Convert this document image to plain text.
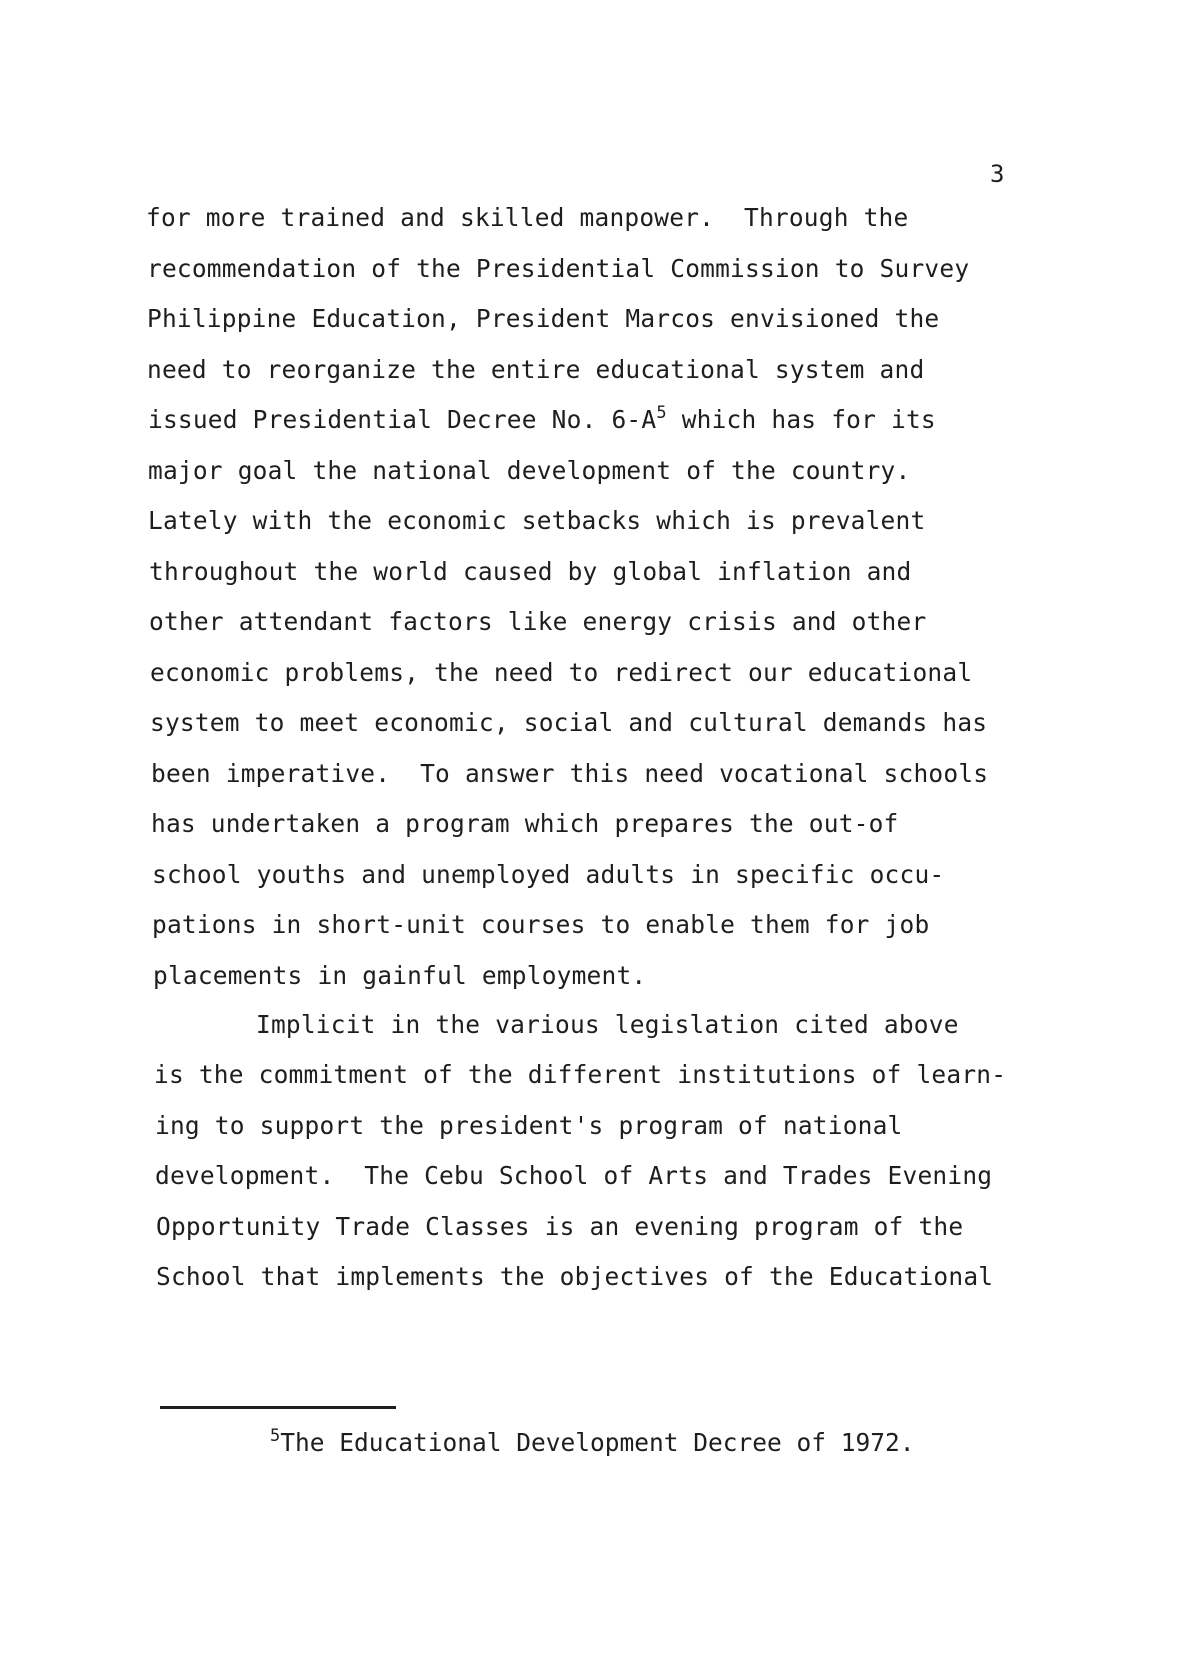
3
for more trained and skilled manpower.  Through the
recommendation of the Presidential Commission to Survey
Philippine Education, President Marcos envisioned the
need to reorganize the entire educational system and
issued Presidential Decree No. $6-A^5$ which has for its
major goal the national development of the country.
Lately with the economic setbacks which is prevalent
throughout the world caused by global inflation and
other attendant factors like energy crisis and other
economic problems, the need to redirect our educational
system to meet economic, social and cultural demands has
been imperative.  To answer this need vocational schools
has undertaken a program which prepares the out-of
school youths and unemployed adults in specific occu-
pations in short-unit courses to enable them for job
placements in gainful employment.
Implicit in the various legislation cited above
is the commitment of the different institutions of learn-
ing to support the president's program of national
development.  The Cebu School of Arts and Trades Evening
Opportunity Trade Classes is an evening program of the
School that implements the objectives of the Educational
$^5$The Educational Development Decree of 1972.
